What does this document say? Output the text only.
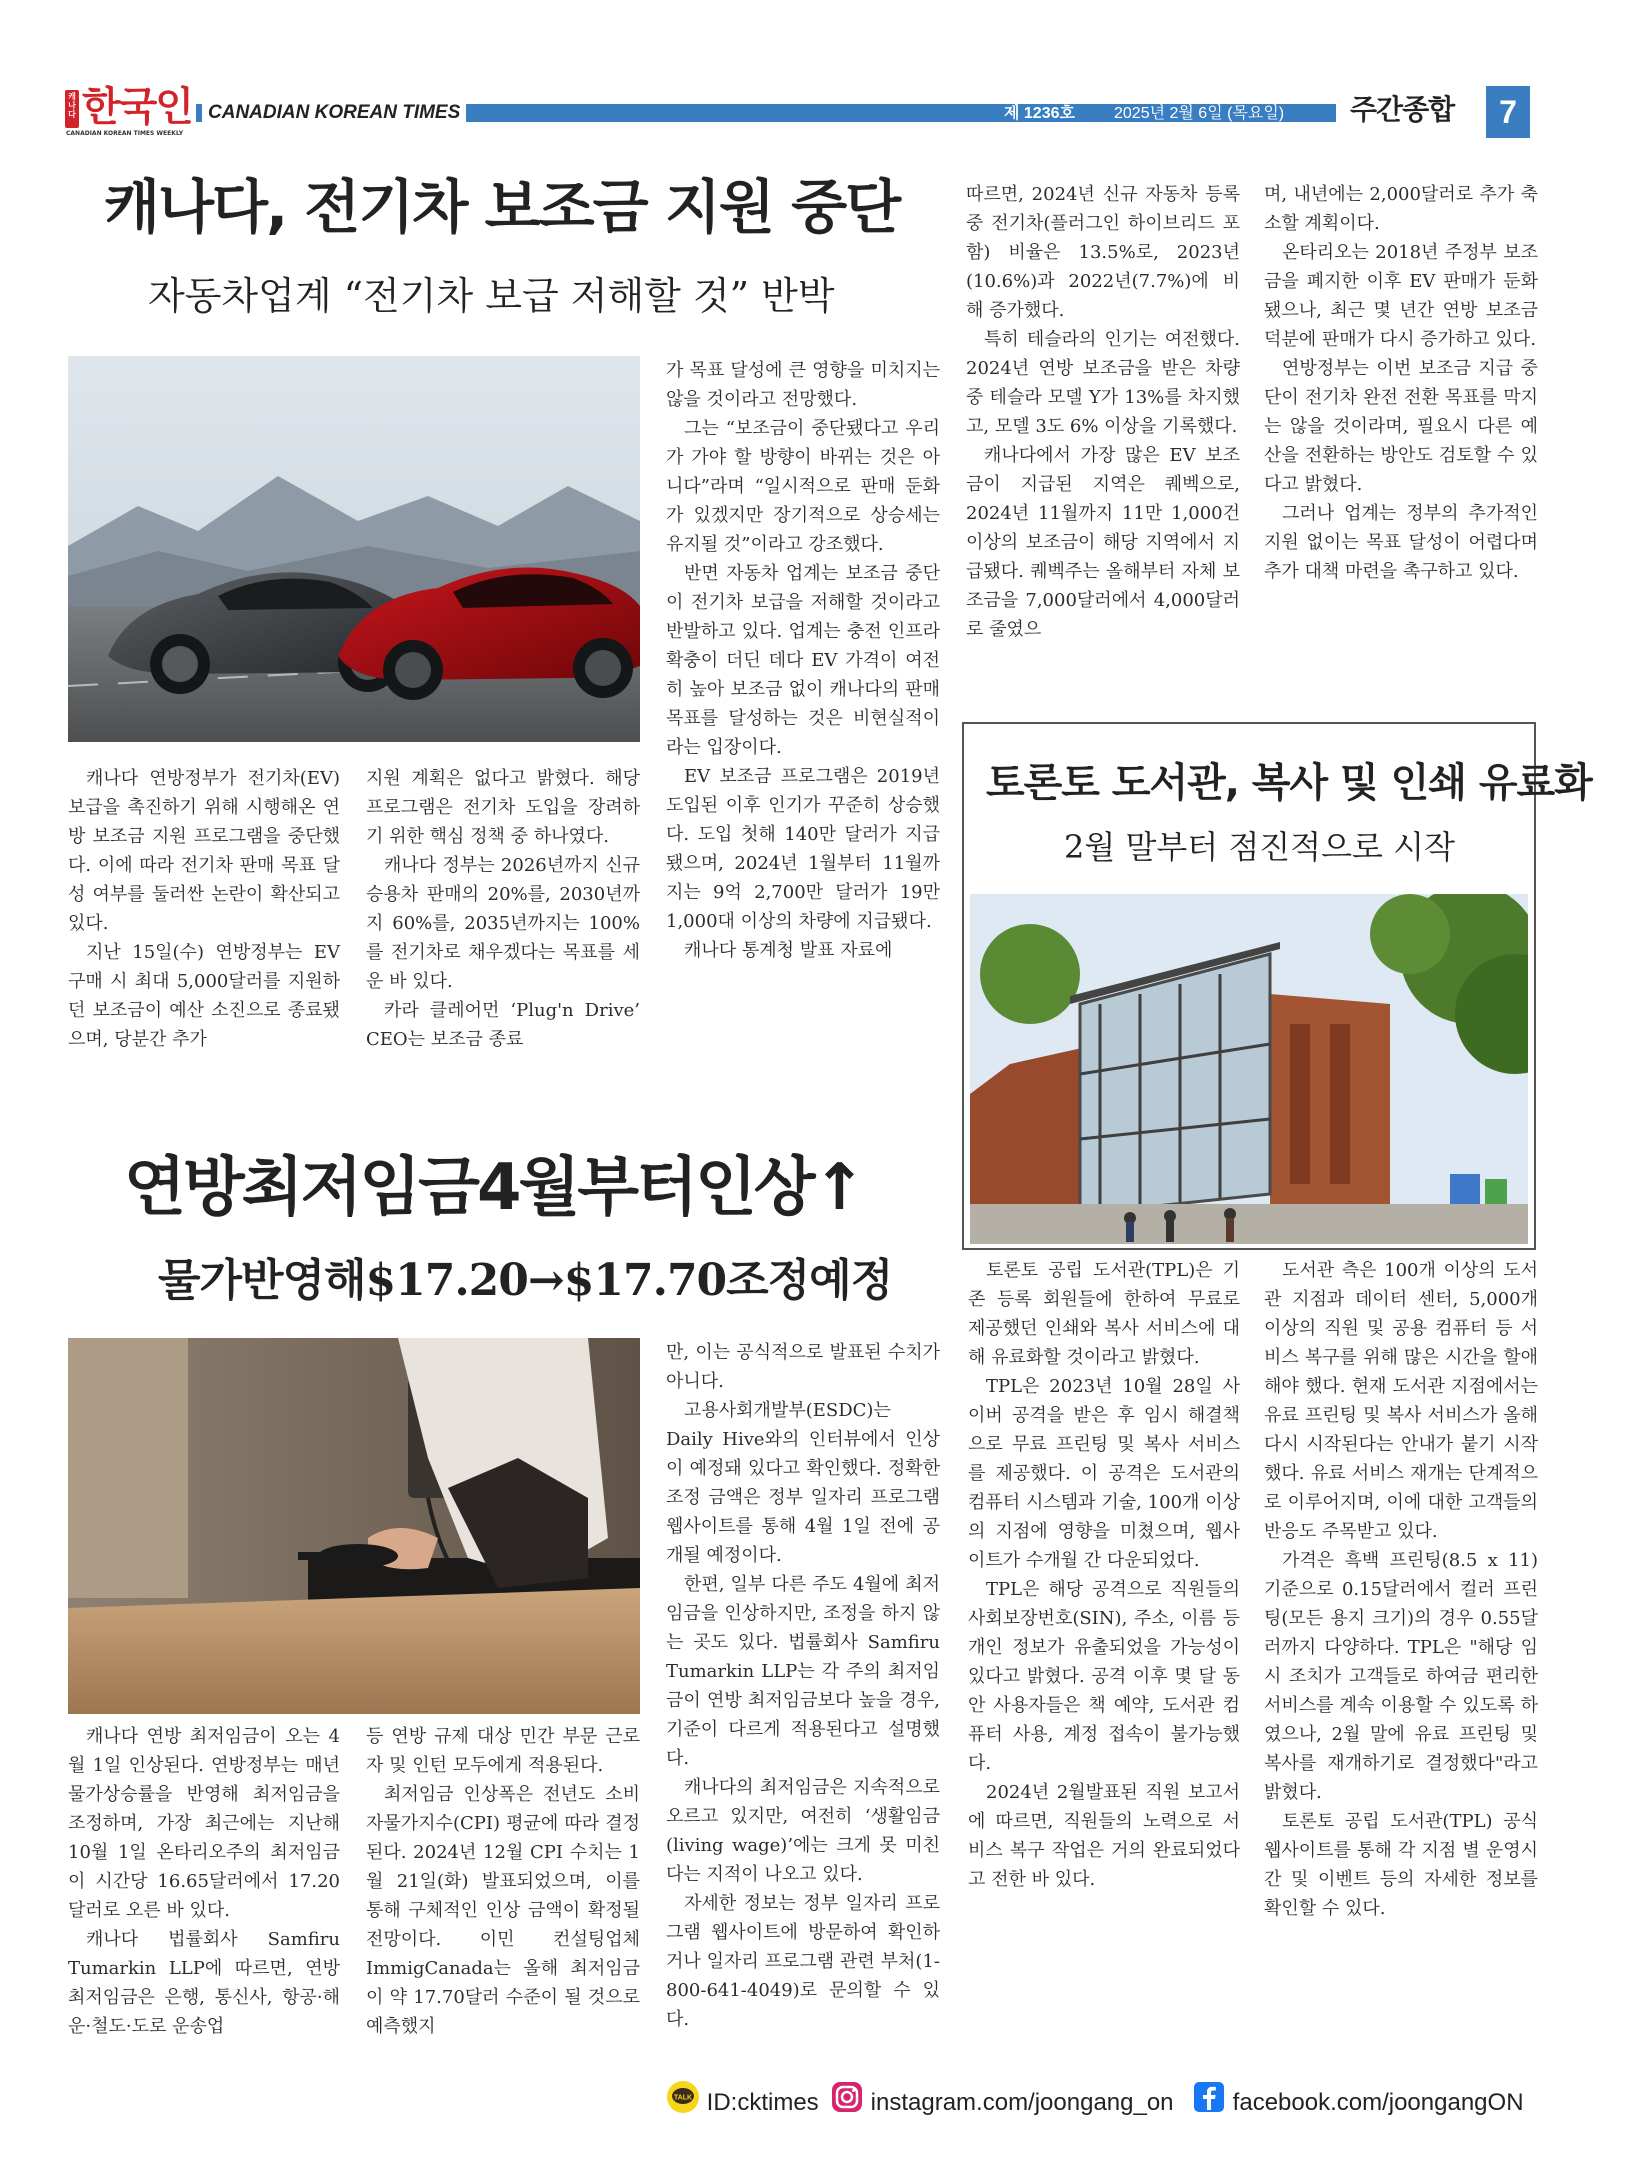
캐나다 한국인
CANADIAN KOREAN TIMES WEEKLY
CANADIAN KOREAN TIMES	제 1236호 2025년 2월 6일 (목요일) 주간종합	7
캐나다, 전기차 보조금 지원 중단
자동차업계 “전기차 보급 저해할 것” 반박

캐나다 연방정부가 전기차(EV) 보급을 촉진하기 위해 시행해온 연방 보조금 지원 프로그램을 중단했다. 이에 따라 전기차 판매 목표 달성 여부를 둘러싼 논란이 확산되고 있다.

지난 15일(수) 연방정부는 EV 구매 시 최대 5,000달러를 지원하던 보조금이 예산 소진으로 종료됐으며, 당분간 추가

지원 계획은 없다고 밝혔다. 해당 프로그램은 전기차 도입을 장려하기 위한 핵심 정책 중 하나였다.

캐나다 정부는 2026년까지 신규 승용차 판매의 20%를, 2030년까지 60%를, 2035년까지는 100%를 전기차로 채우겠다는 목표를 세운 바 있다.

카라 클레어먼 ‘Plug'n Drive’ CEO는 보조금 종료

가 목표 달성에 큰 영향을 미치지는 않을 것이라고 전망했다.

그는 “보조금이 중단됐다고 우리가 가야 할 방향이 바뀌는 것은 아니다”라며 “일시적으로 판매 둔화가 있겠지만 장기적으로 상승세는 유지될 것”이라고 강조했다.

반면 자동차 업계는 보조금 중단이 전기차 보급을 저해할 것이라고 반발하고 있다. 업계는 충전 인프라 확충이 더딘 데다 EV 가격이 여전히 높아 보조금 없이 캐나다의 판매 목표를 달성하는 것은 비현실적이라는 입장이다.

EV 보조금 프로그램은 2019년 도입된 이후 인기가 꾸준히 상승했다. 도입 첫해 140만 달러가 지급됐으며, 2024년 1월부터 11월까지는 9억 2,700만 달러가 19만 1,000대 이상의 차량에 지급됐다.

캐나다 통계청 발표 자료에

따르면, 2024년 신규 자동차 등록 중 전기차(플러그인 하이브리드 포함) 비율은 13.5%로, 2023년(10.6%)과 2022년(7.7%)에 비해 증가했다.

특히 테슬라의 인기는 여전했다. 2024년 연방 보조금을 받은 차량 중 테슬라 모델 Y가 13%를 차지했고, 모델 3도 6% 이상을 기록했다.

캐나다에서 가장 많은 EV 보조금이 지급된 지역은 퀘벡으로, 2024년 11월까지 11만 1,000건 이상의 보조금이 해당 지역에서 지급됐다. 퀘벡주는 올해부터 자체 보조금을 7,000달러에서 4,000달러로 줄였으

며, 내년에는 2,000달러로 추가 축소할 계획이다.

온타리오는 2018년 주정부 보조금을 폐지한 이후 EV 판매가 둔화됐으나, 최근 몇 년간 연방 보조금 덕분에 판매가 다시 증가하고 있다.

연방정부는 이번 보조금 지급 중단이 전기차 완전 전환 목표를 막지는 않을 것이라며, 필요시 다른 예산을 전환하는 방안도 검토할 수 있다고 밝혔다.

그러나 업계는 정부의 추가적인 지원 없이는 목표 달성이 어렵다며 추가 대책 마련을 촉구하고 있다.

토론토 도서관, 복사 및 인쇄 유료화
2월 말부터 점진적으로 시작

토론토 공립 도서관(TPL)은 기존 등록 회원들에 한하여 무료로 제공했던 인쇄와 복사 서비스에 대해 유료화할 것이라고 밝혔다.

TPL은 2023년 10월 28일 사이버 공격을 받은 후 임시 해결책으로 무료 프린팅 및 복사 서비스를 제공했다. 이 공격은 도서관의 컴퓨터 시스템과 기술, 100개 이상의 지점에 영향을 미쳤으며, 웹사이트가 수개월 간 다운되었다.

TPL은 해당 공격으로 직원들의 사회보장번호(SIN), 주소, 이름 등 개인 정보가 유출되었을 가능성이 있다고 밝혔다. 공격 이후 몇 달 동안 사용자들은 책 예약, 도서관 컴퓨터 사용, 계정 접속이 불가능했다.

2024년 2월발표된 직원 보고서에 따르면, 직원들의 노력으로 서비스 복구 작업은 거의 완료되었다고 전한 바 있다.

도서관 측은 100개 이상의 도서관 지점과 데이터 센터, 5,000개 이상의 직원 및 공용 컴퓨터 등 서비스 복구를 위해 많은 시간을 할애해야 했다. 현재 도서관 지점에서는 유료 프린팅 및 복사 서비스가 올해 다시 시작된다는 안내가 붙기 시작했다. 유료 서비스 재개는 단계적으로 이루어지며, 이에 대한 고객들의 반응도 주목받고 있다.

가격은 흑백 프린팅(8.5 x 11) 기준으로 0.15달러에서 컬러 프린팅(모든 용지 크기)의 경우 0.55달러까지 다양하다. TPL은 "해당 임시 조치가 고객들로 하여금 편리한 서비스를 계속 이용할 수 있도록 하였으나, 2월 말에 유료 프린팅 및 복사를 재개하기로 결정했다"라고 밝혔다.

토론토 공립 도서관(TPL) 공식 웹사이트를 통해 각 지점 별 운영시간 및 이벤트 등의 자세한 정보를 확인할 수 있다.

연방최저임금4월부터인상↑
물가반영해$17.20→$17.70조정예정

캐나다 연방 최저임금이 오는 4월 1일 인상된다. 연방정부는 매년 물가상승률을 반영해 최저임금을 조정하며, 가장 최근에는 지난해 10월 1일 온타리오주의 최저임금이 시간당 16.65달러에서 17.20달러로 오른 바 있다.

캐나다 법률회사 Samfiru Tumarkin LLP에 따르면, 연방 최저임금은 은행, 통신사, 항공·해운·철도·도로 운송업

등 연방 규제 대상 민간 부문 근로자 및 인턴 모두에게 적용된다.

최저임금 인상폭은 전년도 소비자물가지수(CPI) 평균에 따라 결정된다. 2024년 12월 CPI 수치는 1월 21일(화) 발표되었으며, 이를 통해 구체적인 인상 금액이 확정될 전망이다. 이민 컨설팅업체 ImmigCanada는 올해 최저임금이 약 17.70달러 수준이 될 것으로 예측했지

만, 이는 공식적으로 발표된 수치가 아니다.

고용사회개발부(ESDC)는 Daily Hive와의 인터뷰에서 인상이 예정돼 있다고 확인했다. 정확한 조정 금액은 정부 일자리 프로그램 웹사이트를 통해 4월 1일 전에 공개될 예정이다.

한편, 일부 다른 주도 4월에 최저임금을 인상하지만, 조정을 하지 않는 곳도 있다. 법률회사 Samfiru Tumarkin LLP는 각 주의 최저임금이 연방 최저임금보다 높을 경우, 기준이 다르게 적용된다고 설명했다.

캐나다의 최저임금은 지속적으로 오르고 있지만, 여전히 ‘생활임금(living wage)’에는 크게 못 미친다는 지적이 나오고 있다.

자세한 정보는 정부 일자리 프로그램 웹사이트에 방문하여 확인하거나 일자리 프로그램 관련 부처(1-800-641-4049)로 문의할 수 있다.

TALK ID:cktimes	instagram.com/joongang_on	facebook.com/joongangON
